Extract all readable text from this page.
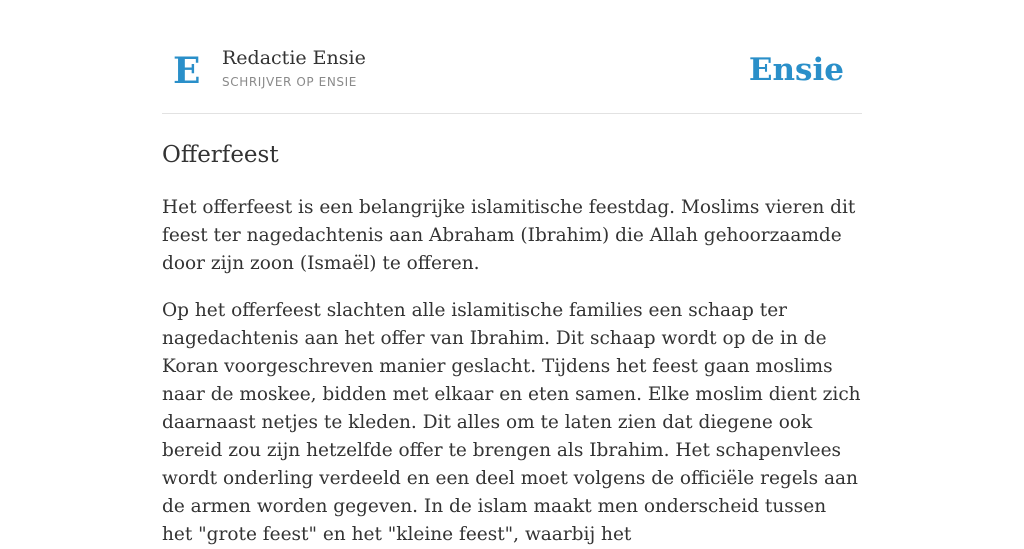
E Redactie Ensie
SCHRIJVER OP ENSIE	Ensie
Offerfeest

Het offerfeest is een belangrijke islamitische feestdag. Moslims vieren dit feest ter nagedachtenis aan Abraham (Ibrahim) die Allah gehoorzaamde door zijn zoon (Ismaël) te offeren.

Op het offerfeest slachten alle islamitische families een schaap ter nagedachtenis aan het offer van Ibrahim. Dit schaap wordt op de in de Koran voorgeschreven manier geslacht. Tijdens het feest gaan moslims naar de moskee, bidden met elkaar en eten samen. Elke moslim dient zich daarnaast netjes te kleden. Dit alles om te laten zien dat diegene ook bereid zou zijn hetzelfde offer te brengen als Ibrahim. Het schapenvlees wordt onderling verdeeld en een deel moet volgens de officiële regels aan de armen worden gegeven. In de islam maakt men onderscheid tussen het "grote feest" en het "kleine feest", waarbij het
